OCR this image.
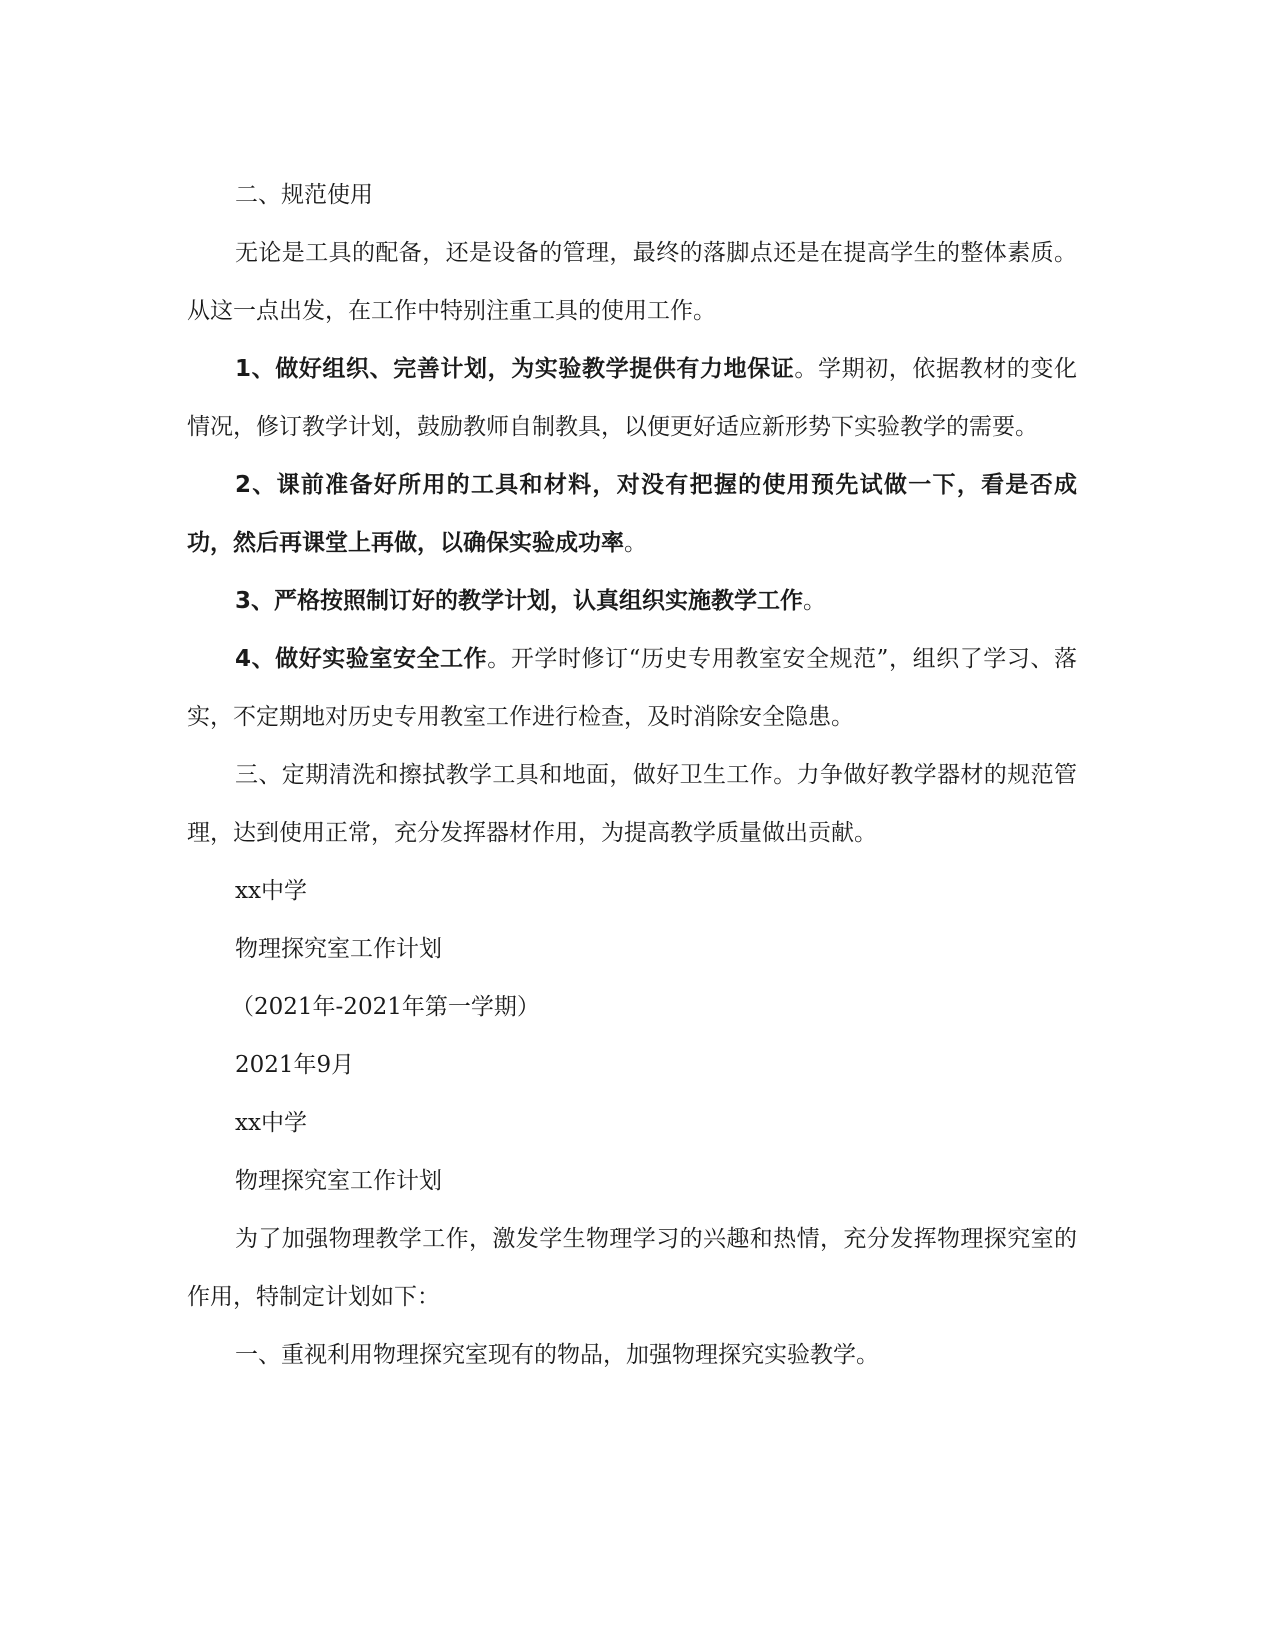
二、规范使用

无论是工具的配备，还是设备的管理，最终的落脚点还是在提高学生的整体素质。从这一点出发，在工作中特别注重工具的使用工作。

1、做好组织、完善计划，为实验教学提供有力地保证。学期初，依据教材的变化情况，修订教学计划，鼓励教师自制教具，以便更好适应新形势下实验教学的需要。

2、课前准备好所用的工具和材料，对没有把握的使用预先试做一下，看是否成功，然后再课堂上再做，以确保实验成功率。

3、严格按照制订好的教学计划，认真组织实施教学工作。

4、做好实验室安全工作。开学时修订“历史专用教室安全规范”，组织了学习、落实，不定期地对历史专用教室工作进行检查，及时消除安全隐患。

三、定期清洗和擦拭教学工具和地面，做好卫生工作。力争做好教学器材的规范管理，达到使用正常，充分发挥器材作用，为提高教学质量做出贡献。

xx中学

物理探究室工作计划

（2021年-2021年第一学期）

2021年9月

xx中学

物理探究室工作计划

为了加强物理教学工作，激发学生物理学习的兴趣和热情，充分发挥物理探究室的作用，特制定计划如下：

一、重视利用物理探究室现有的物品，加强物理探究实验教学。
